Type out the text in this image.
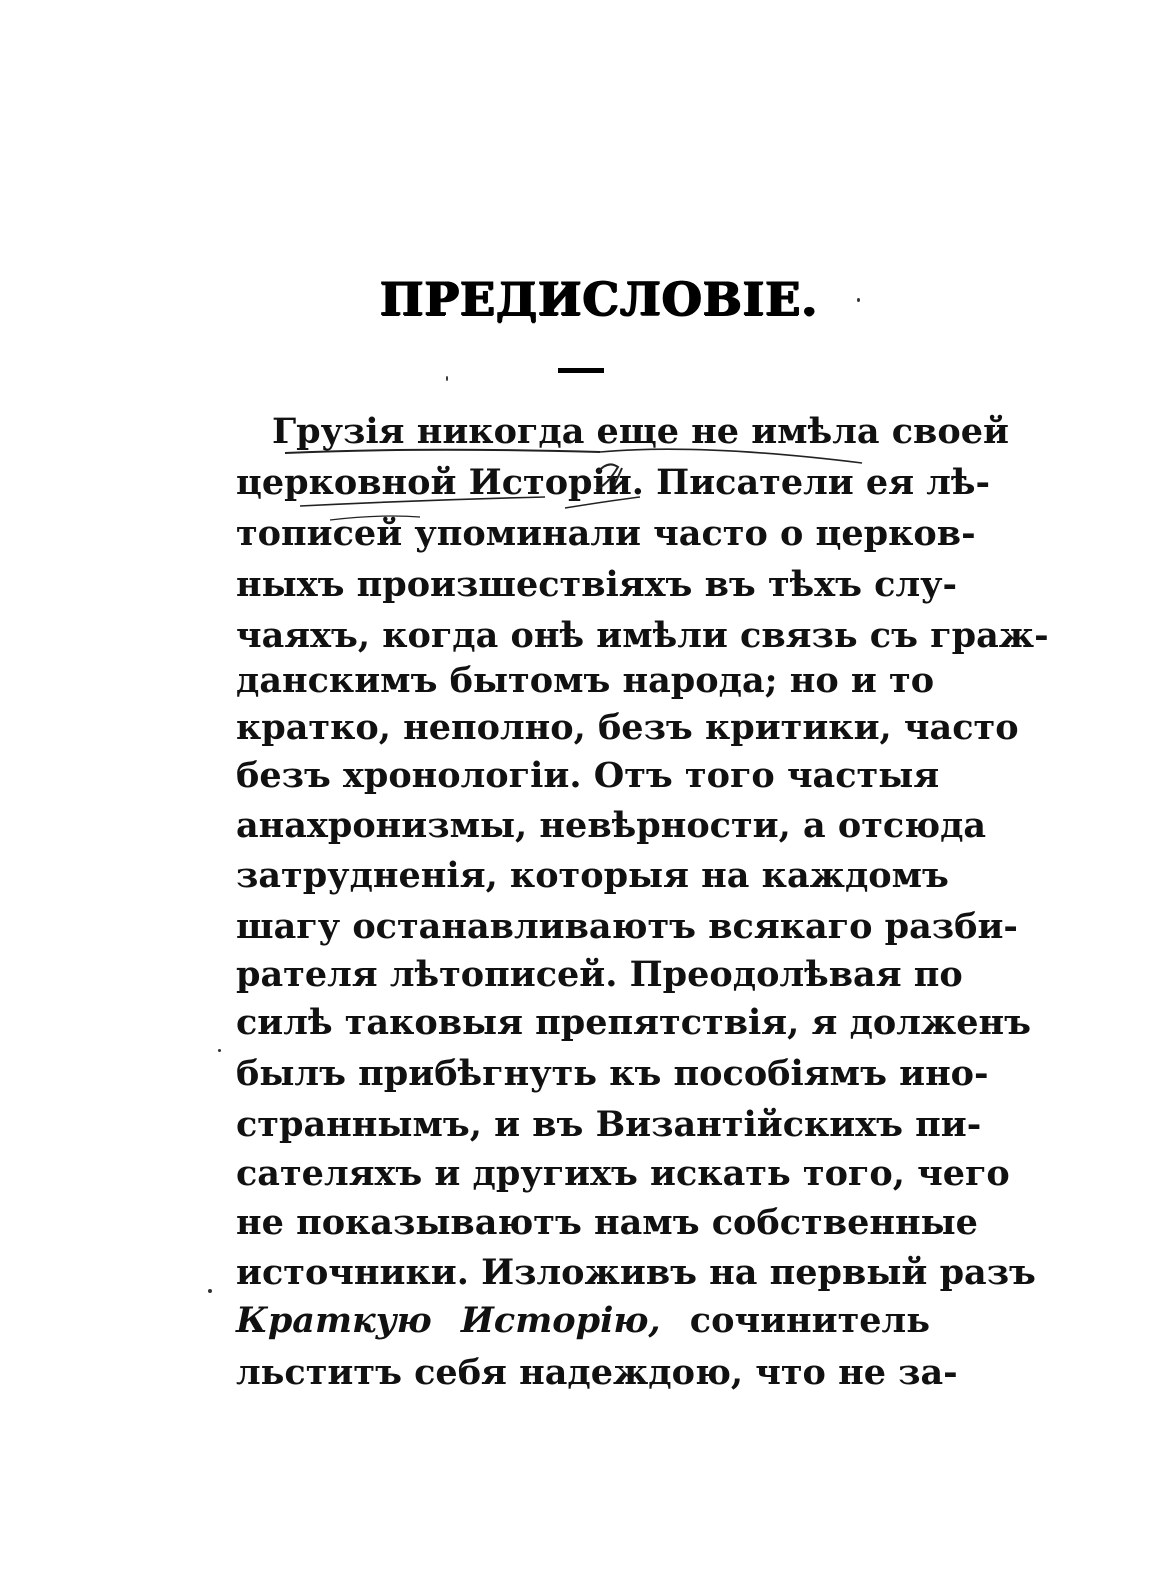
ПРЕДИСЛОВІЕ.
Грузія никогда еще не имѣла своей
церковной Исторіи. Писатели ея лѣ-
тописей упоминали часто о церков-
ныхъ произшествіяхъ въ тѣхъ слу-
чаяхъ, когда онѣ имѣли связь съ граж-
данскимъ бытомъ народа; но и то
кратко, неполно, безъ критики, часто
безъ хронологіи. Отъ того частыя
анахронизмы, невѣрности, а отсюда
затрудненія, которыя на каждомъ
шагу останавливаютъ всякаго разби-
рателя лѣтописей. Преодолѣвая по
силѣ таковыя препятствія, я долженъ
былъ прибѣгнуть къ пособіямъ ино-
страннымъ, и въ Византійскихъ пи-
сателяхъ и другихъ искать того, чего
не показываютъ намъ собственные
источники. Изложивъ на первый разъ
Краткую Исторію, сочинитель
льститъ себя надеждою, что не за-
